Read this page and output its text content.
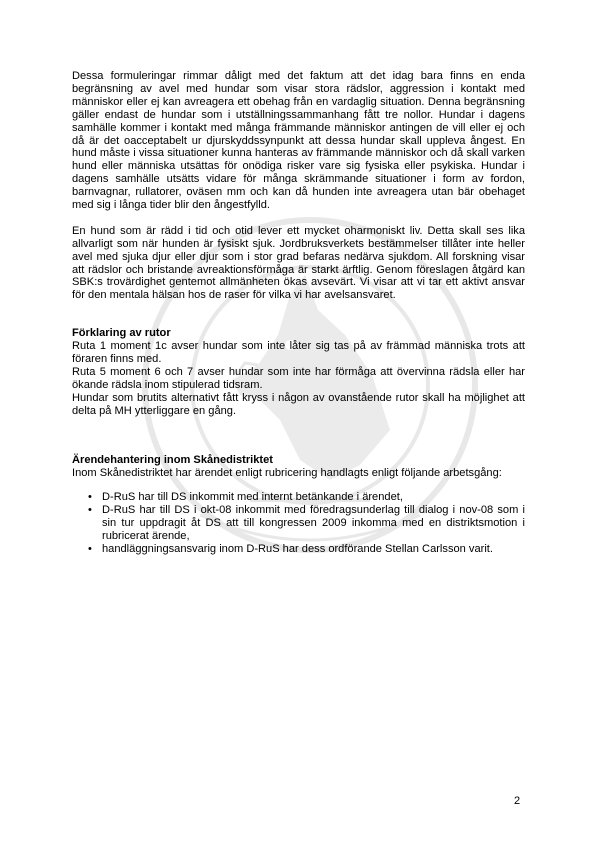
Dessa formuleringar rimmar dåligt med det faktum att det idag bara finns en enda begränsning av avel med hundar som visar stora rädslor, aggression i kontakt med människor eller ej kan avreagera ett obehag från en vardaglig situation. Denna begränsning gäller endast de hundar som i utställningssammanhang fått tre nollor. Hundar i dagens samhälle kommer i kontakt med många främmande människor antingen de vill eller ej och då är det oacceptabelt ur djurskyddssynpunkt att dessa hundar skall uppleva ångest. En hund måste i vissa situationer kunna hanteras av främmande människor och då skall varken hund eller människa utsättas för onödiga risker vare sig fysiska eller psykiska. Hundar i dagens samhälle utsätts vidare för många skrämmande situationer i form av fordon, barnvagnar, rullatorer, oväsen mm och kan då hunden inte avreagera utan bär obehaget med sig i långa tider blir den ångestfylld.

En hund som är rädd i tid och otid lever ett mycket oharmoniskt liv. Detta skall ses lika allvarligt som när hunden är fysiskt sjuk. Jordbruksverkets bestämmelser tillåter inte heller avel med sjuka djur eller djur som i stor grad befaras nedärva sjukdom. All forskning visar att rädslor och bristande avreaktionsförmåga är starkt ärftlig. Genom föreslagen åtgärd kan SBK:s trovärdighet gentemot allmänheten ökas avsevärt. Vi visar att vi tar ett aktivt ansvar för den mentala hälsan hos de raser för vilka vi har avelsansvaret.

Förklaring av rutor

Ruta 1 moment 1c avser hundar som inte låter sig tas på av främmad människa trots att föraren finns med.

Ruta 5 moment 6 och 7 avser hundar som inte har förmåga att övervinna rädsla eller har ökande rädsla inom stipulerad tidsram.

Hundar som brutits alternativt fått kryss i någon av ovanstående rutor skall ha möjlighet att delta på MH ytterliggare en gång.

Ärendehantering inom Skånedistriktet

Inom Skånedistriktet har ärendet enligt rubricering handlagts enligt följande arbetsgång:

• D-RuS har till DS inkommit med internt betänkande i ärendet,
• D-RuS har till DS i okt-08 inkommit med föredragsunderlag till dialog i nov-08 som i sin tur uppdragit åt DS att till kongressen 2009 inkomma med en distriktsmotion i rubricerat ärende,
• handläggningsansvarig inom D-RuS har dess ordförande Stellan Carlsson varit.
2
